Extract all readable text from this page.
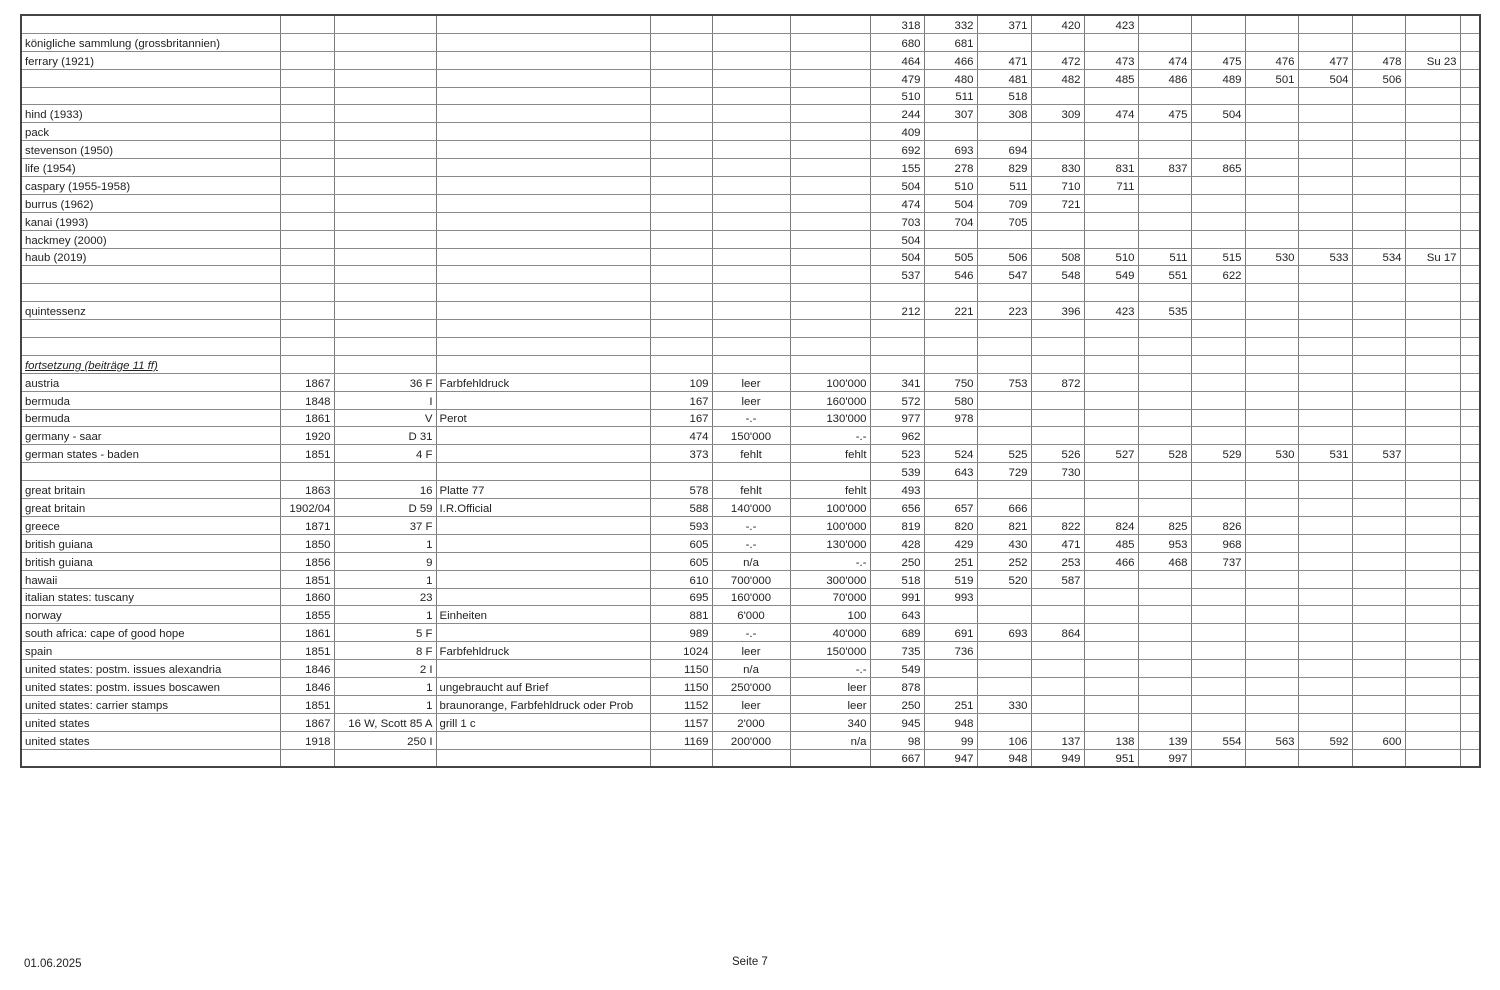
							318	332	371	420	423							
königliche sammlung (grossbritannien)							680	681										
ferrary (1921)							464	466	471	472	473	474	475	476	477	478	Su 23	
							479	480	481	482	485	486	489	501	504	506		
							510	511	518									
hind (1933)							244	307	308	309	474	475	504					
pack							409											
stevenson (1950)							692	693	694									
life (1954)							155	278	829	830	831	837	865					
caspary (1955-1958)							504	510	511	710	711							
burrus (1962)							474	504	709	721								
kanai (1993)							703	704	705									
hackmey (2000)							504											
haub (2019)							504	505	506	508	510	511	515	530	533	534	Su 17	
							537	546	547	548	549	551	622					

quintessenz							212	221	223	396	423	535						

fortsetzung (beiträge 11 ff)																		
austria	1867	36 F	Farbfehldruck	109	leer	100'000	341	750	753	872								
bermuda	1848	I		167	leer	160'000	572	580										
bermuda	1861	V	Perot	167	-.-	130'000	977	978										
germany - saar	1920	D 31		474	150'000	-.-	962											
german states - baden	1851	4 F		373	fehlt	fehlt	523	524	525	526	527	528	529	530	531	537		
							539	643	729	730								
great britain	1863	16	Platte 77	578	fehlt	fehlt	493											
great britain	1902/04	D 59	I.R.Official	588	140'000	100'000	656	657	666									
greece	1871	37 F		593	-.-	100'000	819	820	821	822	824	825	826					
british guiana	1850	1		605	-.-	130'000	428	429	430	471	485	953	968					
british guiana	1856	9		605	n/a	-.-	250	251	252	253	466	468	737					
hawaii	1851	1		610	700'000	300'000	518	519	520	587								
italian states: tuscany	1860	23		695	160'000	70'000	991	993										
norway	1855	1	Einheiten	881	6'000	100	643											
south africa: cape of good hope	1861	5 F		989	-.-	40'000	689	691	693	864								
spain	1851	8 F	Farbfehldruck	1024	leer	150'000	735	736										
united states: postm. issues alexandria	1846	2 I		1150	n/a	-.-	549											
united states: postm. issues boscawen	1846	1	ungebraucht auf Brief	1150	250'000	leer	878											
united states: carrier stamps	1851	1	braunorange, Farbfehldruck oder Prob	1152	leer	leer	250	251	330									
united states	1867	16 W, Scott 85 A	grill 1 c	1157	2'000	340	945	948										
united states	1918	250 I		1169	200'000	n/a	98	99	106	137	138	139	554	563	592	600		
							667	947	948	949	951	997						
01.06.2025	Seite 7
